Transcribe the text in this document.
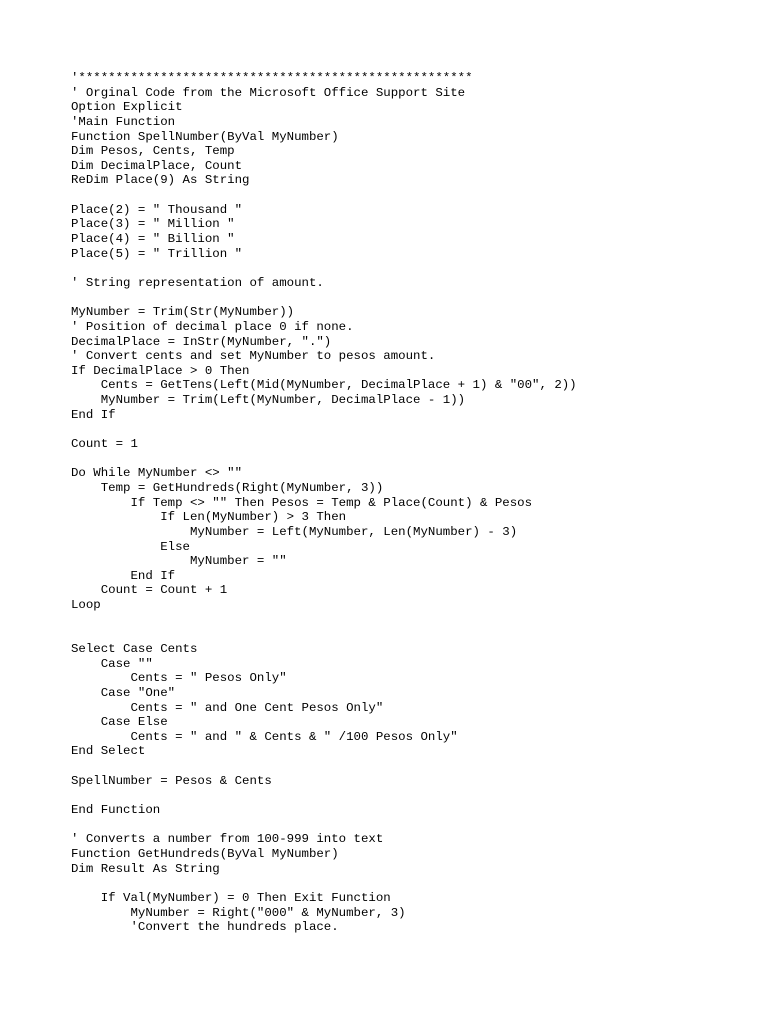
'*****************************************************
' Orginal Code from the Microsoft Office Support Site
Option Explicit
'Main Function
Function SpellNumber(ByVal MyNumber)
Dim Pesos, Cents, Temp
Dim DecimalPlace, Count
ReDim Place(9) As String
Place(2) = " Thousand "
Place(3) = " Million "
Place(4) = " Billion "
Place(5) = " Trillion "
' String representation of amount.
MyNumber = Trim(Str(MyNumber))
' Position of decimal place 0 if none.
DecimalPlace = InStr(MyNumber, ".")
' Convert cents and set MyNumber to pesos amount.
If DecimalPlace > 0 Then
Cents = GetTens(Left(Mid(MyNumber, DecimalPlace + 1) & "00", 2))
MyNumber = Trim(Left(MyNumber, DecimalPlace - 1))
End If
Count = 1
Do While MyNumber <> ""
Temp = GetHundreds(Right(MyNumber, 3))
If Temp <> "" Then Pesos = Temp & Place(Count) & Pesos
If Len(MyNumber) > 3 Then
MyNumber = Left(MyNumber, Len(MyNumber) - 3)
Else
MyNumber = ""
End If
Count = Count + 1
Loop
Select Case Cents
Case ""
Cents = " Pesos Only"
Case "One"
Cents = " and One Cent Pesos Only"
Case Else
Cents = " and " & Cents & " /100 Pesos Only"
End Select
SpellNumber = Pesos & Cents
End Function
' Converts a number from 100-999 into text
Function GetHundreds(ByVal MyNumber)
Dim Result As String
If Val(MyNumber) = 0 Then Exit Function
MyNumber = Right("000" & MyNumber, 3)
'Convert the hundreds place.
